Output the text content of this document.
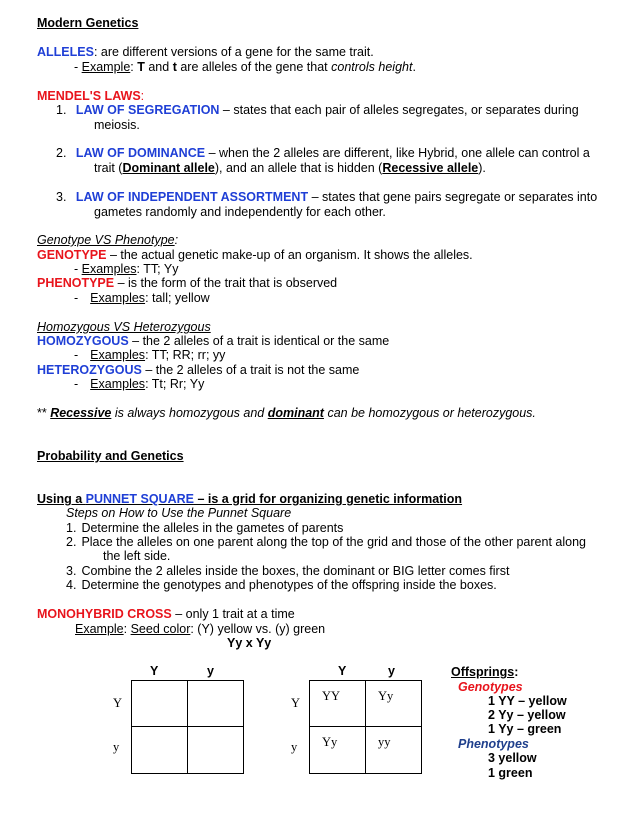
Modern Genetics
ALLELES: are different versions of a gene for the same trait.
- Example: T and t are alleles of the gene that controls height.
MENDEL'S LAWS:
1. LAW OF SEGREGATION – states that each pair of alleles segregates, or separates during
meiosis.
2. LAW OF DOMINANCE – when the 2 alleles are different, like Hybrid, one allele can control a
trait (Dominant allele), and an allele that is hidden (Recessive allele).
3. LAW OF INDEPENDENT ASSORTMENT – states that gene pairs segregate or separates into
gametes randomly and independently for each other.
Genotype VS Phenotype:
GENOTYPE – the actual genetic make-up of an organism. It shows the alleles.
- Examples: TT; Yy
PHENOTYPE – is the form of the trait that is observed
- Examples: tall; yellow
Homozygous VS Heterozygous
HOMOZYGOUS – the 2 alleles of a trait is identical or the same
- Examples: TT; RR; rr; yy
HETEROZYGOUS – the 2 alleles of a trait is not the same
- Examples: Tt; Rr; Yy
** Recessive is always homozygous and dominant can be homozygous or heterozygous.
Probability and Genetics
Using a PUNNET SQUARE – is a grid for organizing genetic information
Steps on How to Use the Punnet Square
1. Determine the alleles in the gametes of parents
2. Place the alleles on one parent along the top of the grid and those of the other parent along
the left side.
3. Combine the 2 alleles inside the boxes, the dominant or BIG letter comes first
4. Determine the genotypes and phenotypes of the offspring inside the boxes.
MONOHYBRID CROSS – only 1 trait at a time
Example: Seed color: (Y) yellow vs. (y) green
Yy x Yy
Y	y
Y
y
Y	y
Y
y
YY	Yy
Yy	yy
Offsprings:
Genotypes
1 YY – yellow
2 Yy – yellow
1 Yy – green
Phenotypes
3 yellow
1 green
